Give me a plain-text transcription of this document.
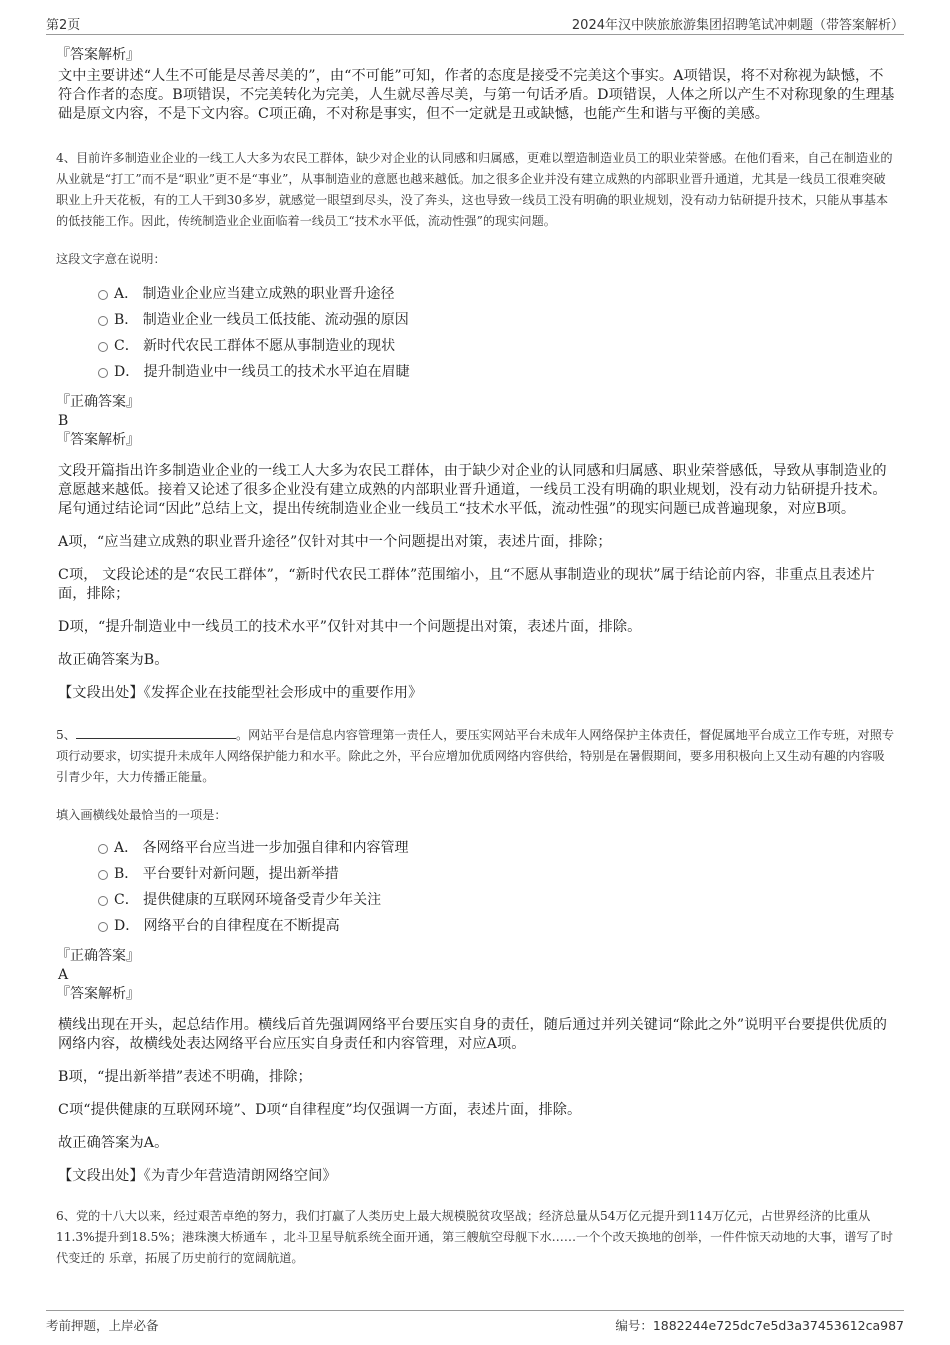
第2页	2024年汉中陕旅旅游集团招聘笔试冲刺题（带答案解析）
『答案解析』

文中主要讲述“人生不可能是尽善尽美的”，由“不可能”可知，作者的态度是接受不完美这个事实。A项错误，将不对称视为缺憾，不符合作者的态度。B项错误，不完美转化为完美，人生就尽善尽美，与第一句话矛盾。D项错误，人体之所以产生不对称现象的生理基础是原文内容，不是下文内容。C项正确，不对称是事实，但不一定就是丑或缺憾，也能产生和谐与平衡的美感。

4、目前许多制造业企业的一线工人大多为农民工群体，缺少对企业的认同感和归属感，更难以塑造制造业员工的职业荣誉感。在他们看来，自己在制造业的从业就是“打工”而不是“职业”更不是“事业”，从事制造业的意愿也越来越低。加之很多企业并没有建立成熟的内部职业晋升通道，尤其是一线员工很难突破职业上升天花板，有的工人干到30多岁，就感觉一眼望到尽头，没了奔头，这也导致一线员工没有明确的职业规划，没有动力钻研提升技术，只能从事基本的低技能工作。因此，传统制造业企业面临着一线员工“技术水平低，流动性强”的现实问题。

这段文字意在说明：

A． 制造业企业应当建立成熟的职业晋升途径
B． 制造业企业一线员工低技能、流动强的原因
C． 新时代农民工群体不愿从事制造业的现状
D． 提升制造业中一线员工的技术水平迫在眉睫
『正确答案』
B
『答案解析』

文段开篇指出许多制造业企业的一线工人大多为农民工群体，由于缺少对企业的认同感和归属感、职业荣誉感低，导致从事制造业的意愿越来越低。接着又论述了很多企业没有建立成熟的内部职业晋升通道，一线员工没有明确的职业规划，没有动力钻研提升技术。尾句通过结论词“因此”总结上文，提出传统制造业企业一线员工“技术水平低，流动性强”的现实问题已成普遍现象，对应B项。

A项，“应当建立成熟的职业晋升途径”仅针对其中一个问题提出对策，表述片面，排除；

C项， 文段论述的是“农民工群体”，“新时代农民工群体”范围缩小，且“不愿从事制造业的现状”属于结论前内容，非重点且表述片面，排除；

D项，“提升制造业中一线员工的技术水平”仅针对其中一个问题提出对策，表述片面，排除。

故正确答案为B。

【文段出处】《发挥企业在技能型社会形成中的重要作用》

5、	。网站平台是信息内容管理第一责任人，要压实网站平台未成年人网络保护主体责任，督促属地平台成立工作专班，对照专项行动要求，切实提升未成年人网络保护能力和水平。除此之外，平台应增加优质网络内容供给，特别是在暑假期间，要多用积极向上又生动有趣的内容吸引青少年，大力传播正能量。

填入画横线处最恰当的一项是：

A． 各网络平台应当进一步加强自律和内容管理
B． 平台要针对新问题，提出新举措
C． 提供健康的互联网环境备受青少年关注
D． 网络平台的自律程度在不断提高
『正确答案』
A
『答案解析』

横线出现在开头，起总结作用。横线后首先强调网络平台要压实自身的责任，随后通过并列关键词“除此之外”说明平台要提供优质的网络内容，故横线处表达网络平台应压实自身责任和内容管理，对应A项。

B项，“提出新举措”表述不明确，排除；

C项“提供健康的互联网环境”、D项“自律程度”均仅强调一方面，表述片面，排除。

故正确答案为A。

【文段出处】《为青少年营造清朗网络空间》

6、党的十八大以来，经过艰苦卓绝的努力，我们打赢了人类历史上最大规模脱贫攻坚战；经济总量从54万亿元提升到114万亿元，占世界经济的比重从11.3%提升到18.5%；港珠澳大桥通车 ，北斗卫星导航系统全面开通，第三艘航空母舰下水……一个个改天换地的创举，一件件惊天动地的大事，谱写了时代变迁的 乐章，拓展了历史前行的宽阔航道。

考前押题，上岸必备	编号：1882244e725dc7e5d3a37453612ca987
